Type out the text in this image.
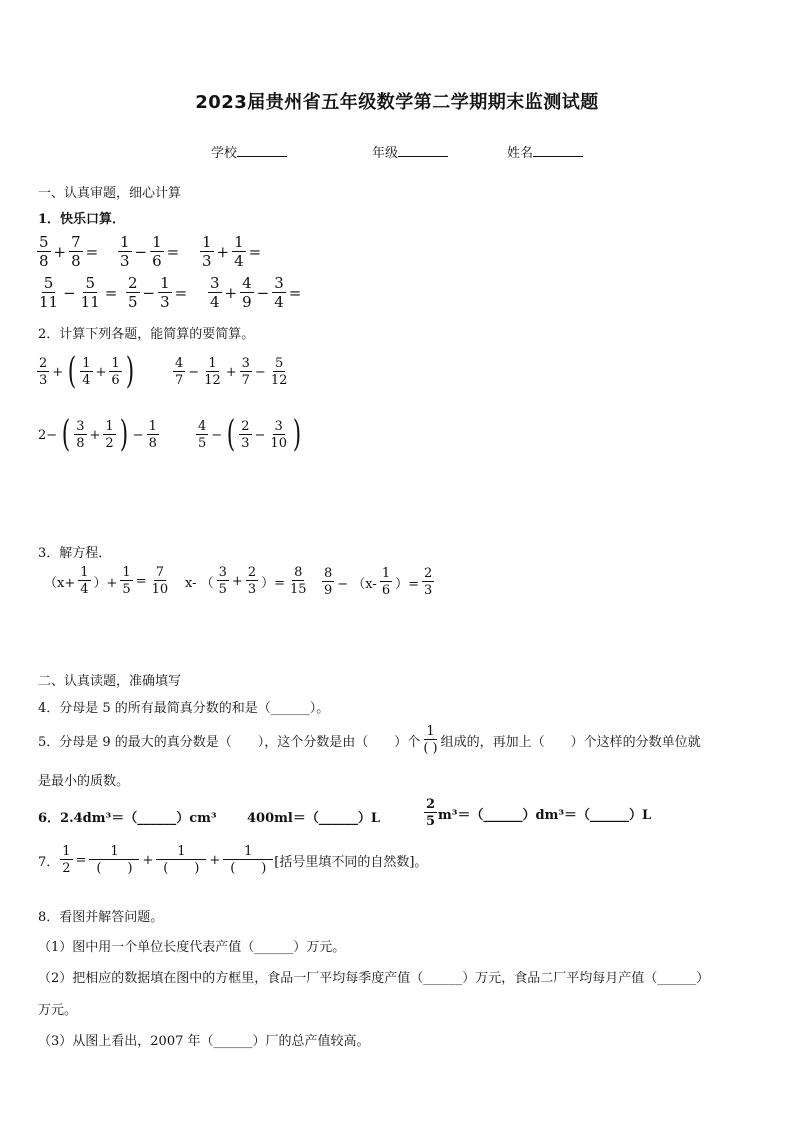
2023届贵州省五年级数学第二学期期末监测试题
学校	年级	姓名
一、认真审题，细心计算
1．快乐口算．
$\frac{5}{8} + \frac{7}{8} = \frac{1}{3} - \frac{1}{6} = \frac{1}{3} + \frac{1}{4}$ =
$\frac{5}{11} - \frac{5}{11} = \frac{2}{5} - \frac{1}{3} = \frac{3}{4} + \frac{4}{9} - \frac{3}{4}$ =
2．计算下列各题，能简算的要简算。
$\frac{2}{3}$ + ( $\frac{1}{4} + \frac{1}{6}$ )	$\frac{4}{7} - \frac{1}{12} + \frac{3}{7} - \frac{5}{12}$
2− ( $\frac{3}{8} + \frac{1}{2}$ ) − $\frac{1}{8}$	$\frac{4}{5}$ − ( $\frac{2}{3} - \frac{3}{10}$ )
3．解方程．
（$x+ \frac{1}{4}$ ）+ $\frac{1}{5} = \frac{7}{10} x-$ （ $\frac{3}{5} + \frac{2}{3}$ ）= $\frac{8}{15} \frac{8}{9} - (x- \frac{1}{6}$ ）= $\frac{2}{3}$
二、认真读题，准确填写
4．分母是 5 的所有最简真分数的和是（______）。
5．分母是 9 的最大的真分数是（　　），这个分数是由（　　）个 $\frac{1}{( )}$ 组成的，再加上（　　）个这样的分数单位就
是最小的质数。
6．2.4dm³＝（______）cm³ 400ml＝（______）L	$\frac{2}{5}$ m³＝（______）dm³＝（______）L
7． $\frac{1}{2} = \frac{1}{( )} + \frac{1}{( )} + \frac{1}{( )}$ [括号里填不同的自然数]。
8．看图并解答问题。
（1）图中用一个单位长度代表产值（______）万元。
（2）把相应的数据填在图中的方框里，食品一厂平均每季度产值（______）万元，食品二厂平均每月产值（______）
万元。
（3）从图上看出，2007 年（______）厂的总产值较高。
